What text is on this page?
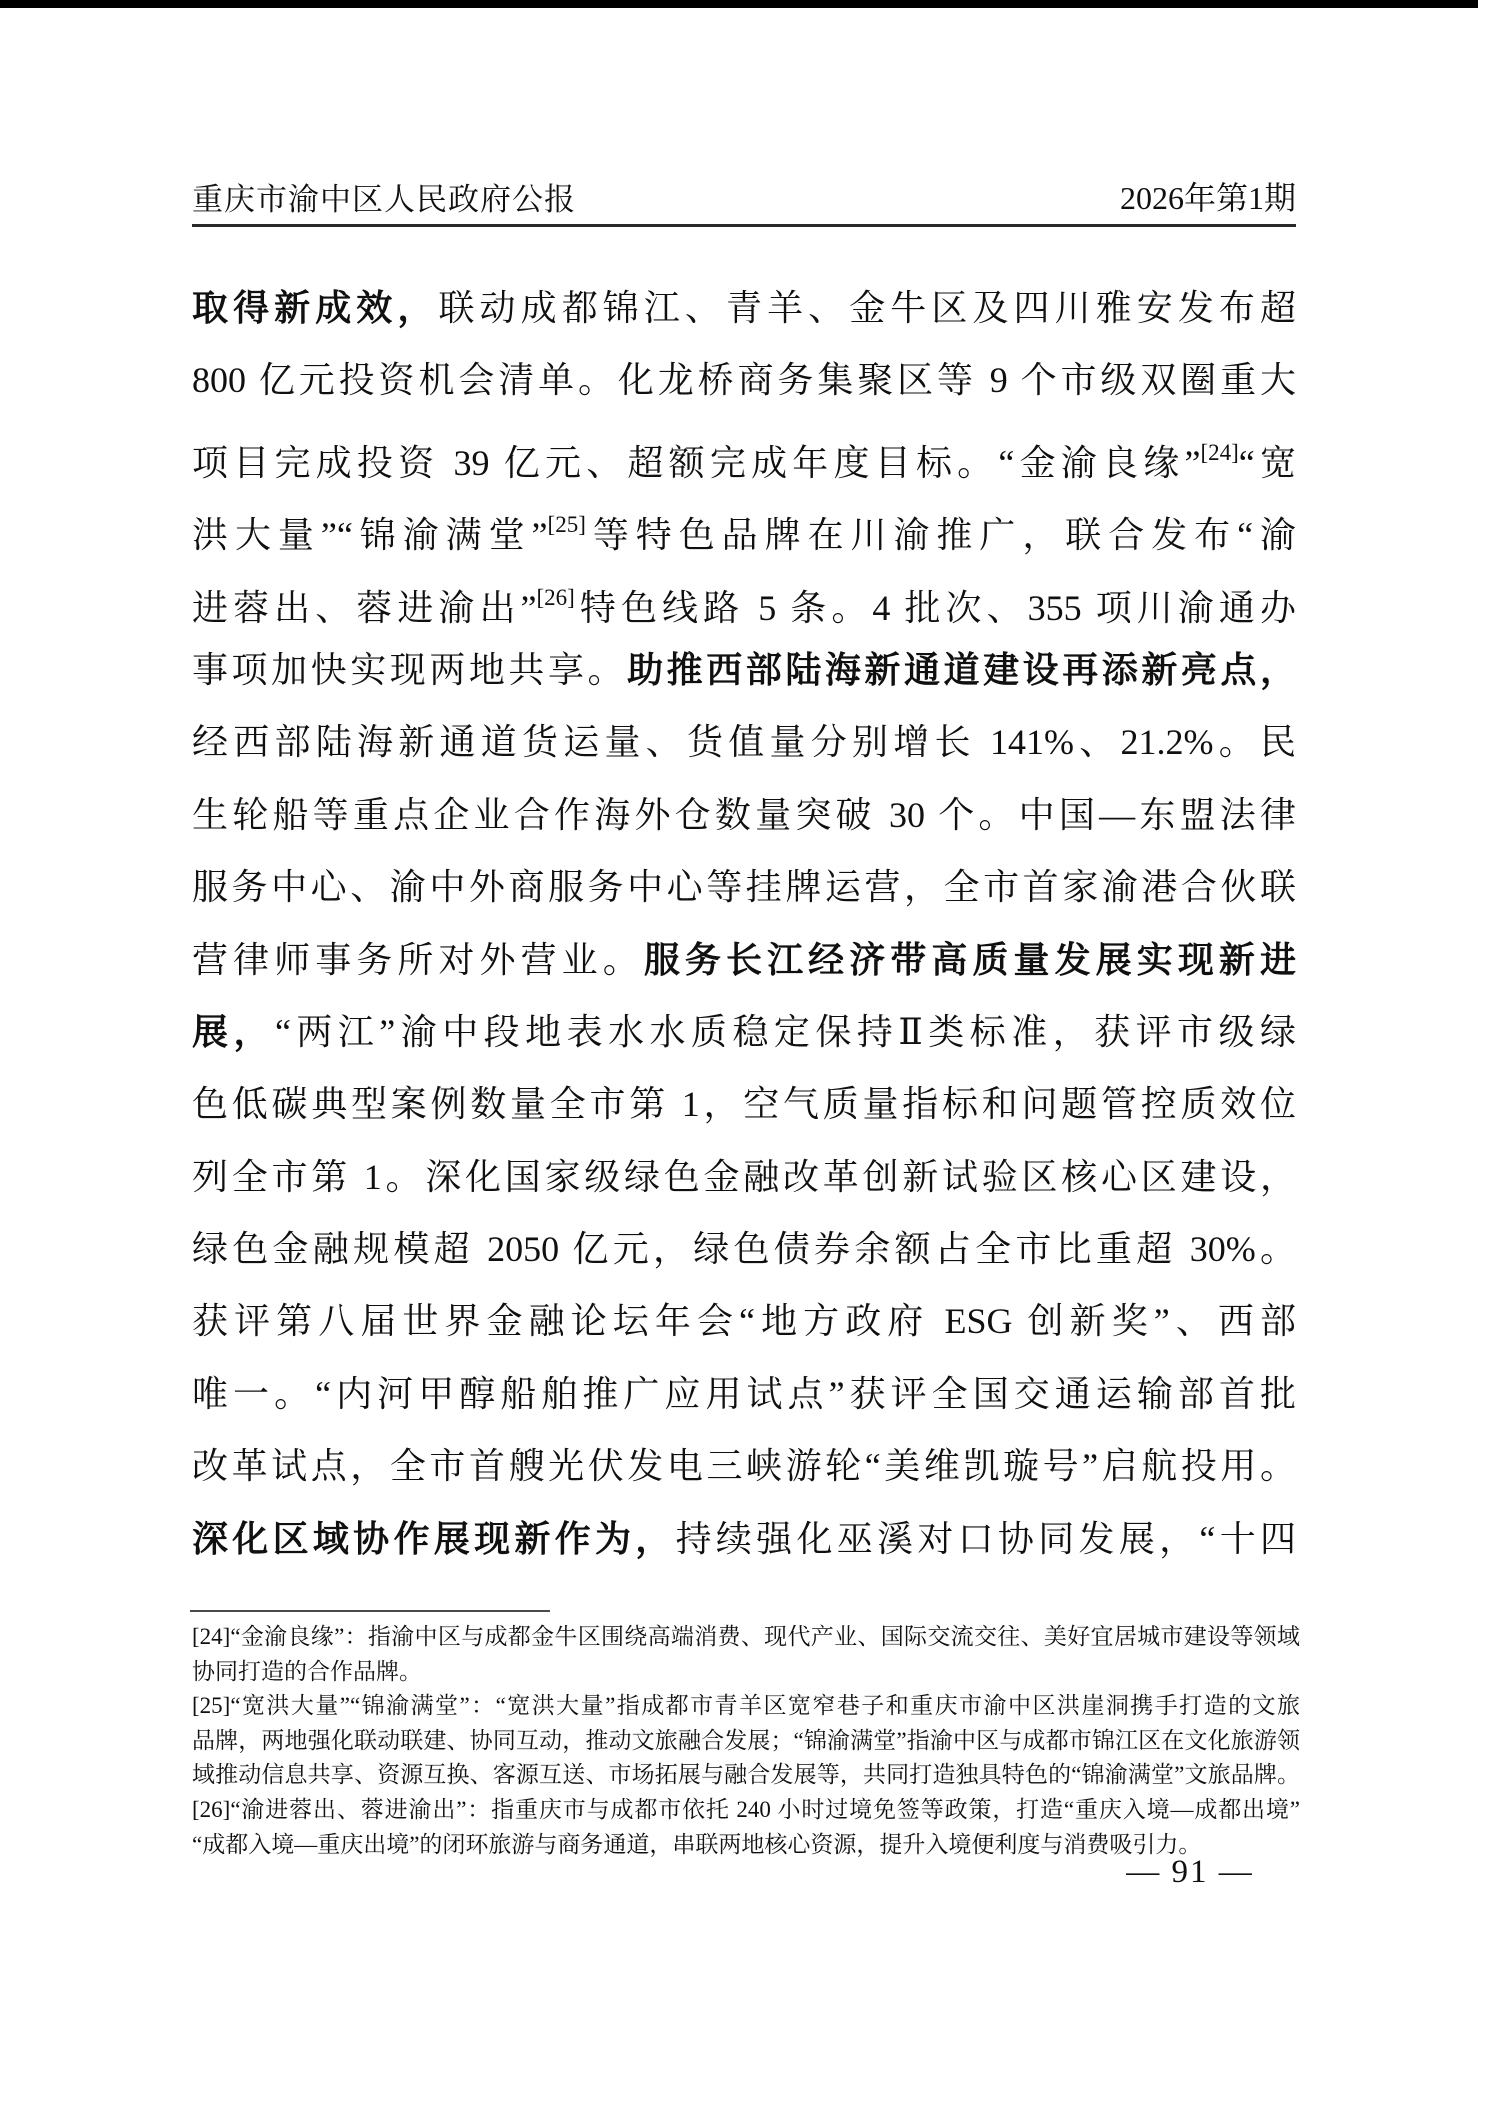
重庆市渝中区人民政府公报	2026年第1期
取得新成效，联动成都锦江、青羊、金牛区及四川雅安发布超
800 亿元投资机会清单。化龙桥商务集聚区等 9 个市级双圈重大
项目完成投资 39 亿元、超额完成年度目标。“金渝良缘”[24]“宽
洪大量”“锦渝满堂”[25]等特色品牌在川渝推广，联合发布“渝
进蓉出、蓉进渝出”[26]特色线路 5 条。4 批次、355 项川渝通办
事项加快实现两地共享。助推西部陆海新通道建设再添新亮点，
经西部陆海新通道货运量、货值量分别增长 141%、21.2%。民
生轮船等重点企业合作海外仓数量突破 30 个。中国—东盟法律
服务中心、渝中外商服务中心等挂牌运营，全市首家渝港合伙联
营律师事务所对外营业。服务长江经济带高质量发展实现新进
展，“两江”渝中段地表水水质稳定保持Ⅱ类标准，获评市级绿
色低碳典型案例数量全市第 1，空气质量指标和问题管控质效位
列全市第 1。深化国家级绿色金融改革创新试验区核心区建设，
绿色金融规模超 2050 亿元，绿色债券余额占全市比重超 30%。
获评第八届世界金融论坛年会“地方政府 ESG 创新奖”、西部
唯一。“内河甲醇船舶推广应用试点”获评全国交通运输部首批
改革试点，全市首艘光伏发电三峡游轮“美维凯璇号”启航投用。
深化区域协作展现新作为，持续强化巫溪对口协同发展，“十四
[24]“金渝良缘”：指渝中区与成都金牛区围绕高端消费、现代产业、国际交流交往、美好宜居城市建设等领域
协同打造的合作品牌。
[25]“宽洪大量”“锦渝满堂”：“宽洪大量”指成都市青羊区宽窄巷子和重庆市渝中区洪崖洞携手打造的文旅
品牌，两地强化联动联建、协同互动，推动文旅融合发展；“锦渝满堂”指渝中区与成都市锦江区在文化旅游领
域推动信息共享、资源互换、客源互送、市场拓展与融合发展等，共同打造独具特色的“锦渝满堂”文旅品牌。
[26]“渝进蓉出、蓉进渝出”：指重庆市与成都市依托 240 小时过境免签等政策，打造“重庆入境—成都出境”
“成都入境—重庆出境”的闭环旅游与商务通道，串联两地核心资源，提升入境便利度与消费吸引力。
— 91 —
